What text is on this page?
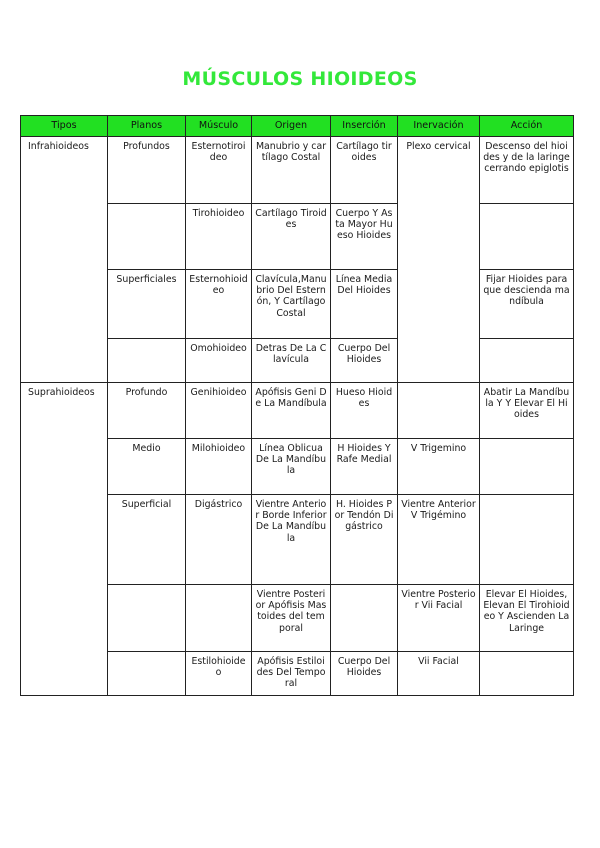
MÚSCULOS HIOIDEOS
Tipos	Planos	Músculo	Origen	Inserción	Inervación	Acción
Infrahioideos	Profundos	Esternotiroideo	Manubrio y cartílago Costal	Cartílago tiroides	Plexo cervical	Descenso del hioides y de la laringe cerrando epiglotis
		Tirohioideo	Cartílago Tiroides	Cuerpo Y Asta Mayor Hueso Hioides		
	Superficiales	Esternohioideo	Clavícula,Manubrio Del Esternón, Y Cartílago Costal	Línea Media Del Hioides		Fijar Hioides para que descienda mandíbula
		Omohioideo	Detras De La Clavícula	Cuerpo Del Hioides		
Suprahioideos	Profundo	Genihioideo	Apófisis Geni De La Mandíbula	Hueso Hioides		Abatir La Mandíbula Y Y Elevar El Hioides
	Medio	Milohioideo	Línea Oblicua De La Mandíbula	H Hioides Y Rafe Medial	V Trigemino	
	Superficial	Digástrico	Vientre Anterior Borde Inferior De La Mandíbula	H. Hioides Por Tendón Digástrico	Vientre Anterior V Trigémino	
			Vientre Posterior Apófisis Mastoides del temporal		Vientre Posterior Vii Facial	Elevar El Hioides, Elevan El Tirohioideo Y Ascienden La Laringe
		Estilohioideo	Apófisis Estiloides Del Temporal	Cuerpo Del Hioides	Vii Facial	
